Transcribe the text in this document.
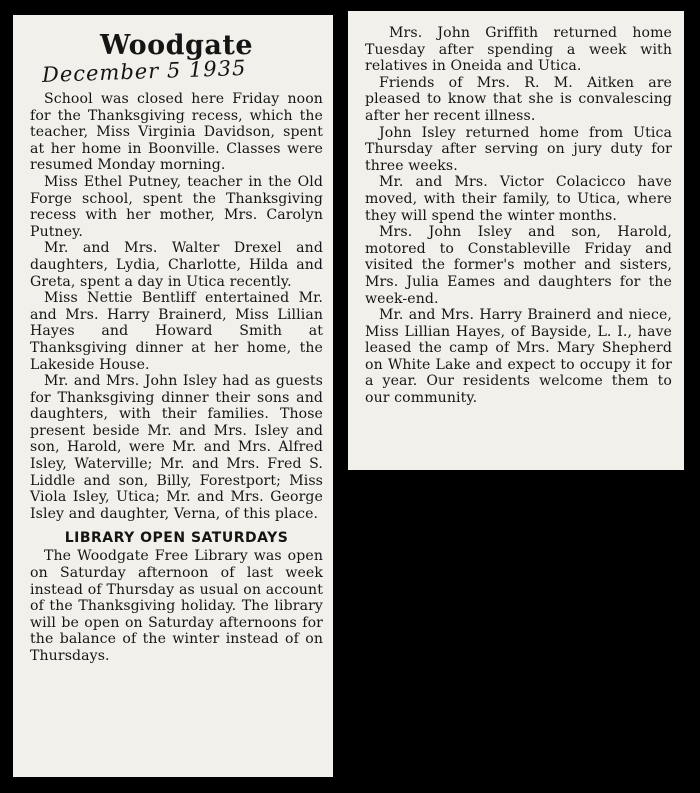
Woodgate
December 5 1935

School was closed here Friday noon for the Thanksgiving recess, which the teacher, Miss Virginia Davidson, spent at her home in Boonville. Classes were resumed Monday morning.

Miss Ethel Putney, teacher in the Old Forge school, spent the Thanksgiving recess with her mother, Mrs. Carolyn Putney.

Mr. and Mrs. Walter Drexel and daughters, Lydia, Charlotte, Hilda and Greta, spent a day in Utica recently.

Miss Nettie Bentliff entertained Mr. and Mrs. Harry Brainerd, Miss Lillian Hayes and Howard Smith at Thanksgiving dinner at her home, the Lakeside House.

Mr. and Mrs. John Isley had as guests for Thanksgiving dinner their sons and daughters, with their families. Those present beside Mr. and Mrs. Isley and son, Harold, were Mr. and Mrs. Alfred Isley, Waterville; Mr. and Mrs. Fred S. Liddle and son, Billy, Forestport; Miss Viola Isley, Utica; Mr. and Mrs. George Isley and daughter, Verna, of this place.

LIBRARY OPEN SATURDAYS

The Woodgate Free Library was open on Saturday afternoon of last week instead of Thursday as usual on account of the Thanksgiving holiday. The library will be open on Saturday afternoons for the balance of the winter instead of on Thursdays.

Mrs. John Griffith returned home Tuesday after spending a week with relatives in Oneida and Utica.

Friends of Mrs. R. M. Aitken are pleased to know that she is convalescing after her recent illness.

John Isley returned home from Utica Thursday after serving on jury duty for three weeks.

Mr. and Mrs. Victor Colacicco have moved, with their family, to Utica, where they will spend the winter months.

Mrs. John Isley and son, Harold, motored to Constableville Friday and visited the former's mother and sisters, Mrs. Julia Eames and daughters for the week-end.

Mr. and Mrs. Harry Brainerd and niece, Miss Lillian Hayes, of Bayside, L. I., have leased the camp of Mrs. Mary Shepherd on White Lake and expect to occupy it for a year. Our residents welcome them to our community.
